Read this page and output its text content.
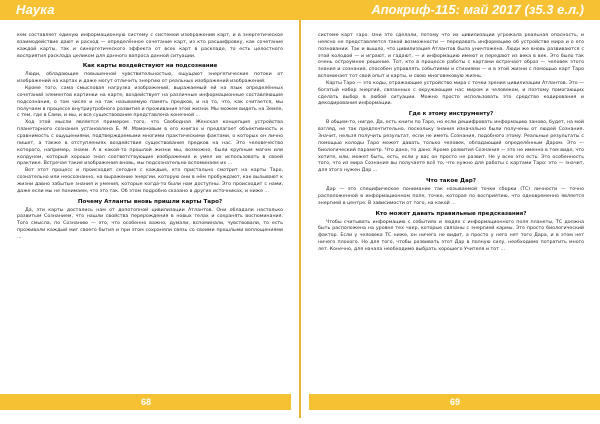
Наука	Апокриф-115: май 2017 (з5.3 е.л.)

кем составляет единую информационную систему с системой изображений карт, и в энергетическое взаимодействие дают и расход — определённое сочетание карт, из кто расшифровку, как сочетание каждой карты, так и синергетического эффекта от всех карт в раскладе, то есть целостного восприятия расклада целиком для данного вопроса данной ситуации.

Как карты воздействуют на подсознание

Люди, обладающие повышенной чувствительностью, ощущают энергетические потоки от изображений на картах и даже могут отличить энергию от реальных изображений изображений.

Кроме того, сама смысловая нагрузка изображений, выражаемый ей на язык определённых сочетаний элементов картинки на карте, воздействует на различные информационные составляющие подсознания, о том числе и на так называемую память предков, и на то, что, как считается, мы получаем в процессе внутриутробного развития и проживания этой жизни. Мы можем видеть на Земле, с тем, где в Сами, и мы, и вся существование представлена конечной ...

Ход этой мысли является примером того, что Свободная Женская концепция устройства планетарного сознания установлена Б. М. Мамоновым в его книгах и предлагает объективность и сравнимость с ощущениями, подтверждаемыми многими практическими фактами, о которых он лично пишет, а также в отступлениях воздействия существования предков на нас. Это человечество которого, например, знаем. А в какой-то прошлой жизни мы, возможно, были крупным магом или колдуном, который хорошо знал соответствующие изображения и умел их использовать в своей практике. Встречая такие изображения вновь, мы подсознательно вспоминаем их ...

Вот этот процесс и происходит сегодня с каждым, кто пристально смотрит на карты Таро, сознательно или неосознанно, на выражение энергии, которую они в нём пробуждают, как вызывают к жизни давно забытые знания и умения, которые когда-то были нам доступны. Это происходит с нами, даже если мы не понимаем, что это так. Об этом подробно сказано в других источниках, и ниже ...

Почему Атланты вновь пришли карты Таро?

Да, эти карты достались нам от допотопной цивилизации Атлантов. Они обладали настолько развитым Сознанием, что нашли свойства перерождения в новых телах и сохранять воспоминания. Того смысла, по Сознанию — это, что особенно важно, думали, вспоминали, чувствовали, то есть проживали каждый миг своего бытия и при этом сохраняли связь со своими прошлыми воплощениями ...

системе карт Таро. Они это сделали, потому что их цивилизации угрожала реальная опасность, и неясно не представляется такой возможности — передавать информацию об устройстве мира и о его познавании. Так и вышло, что цивилизация Атлантов была уничтожена. Люди же вновь развиваются с этой колодой — и играют, и гадают, — и информацию имеют и передают из века в век. Это было так очень остроумное решение. Тот, кто в процессе работы с картами встречает образ — человек этого знания и сознания, способен управлять событиями и стихиями — и в этой жизни с помощью карт Таро вспоминает тот свой опыт и карты, и свою многовековую жизнь.

Карты Таро — это коды, отражающие устройство мира с точки зрения цивилизации Атлантов. Это — богатый набор энергий, связанных с окружающим нас миром и человеком, и поэтому помогающих сделать выбор в любой ситуации. Можно просто использовать это средство кодирования и декодирования информации.

Где к этому инструменту?

В общем-то, нигде. Да, есть книги по Таро, но если дешифровать информацию заново, будет, на мой взгляд, не так предпочтительно, поскольку знания изначально были получены от людей Сознания. Значит, нельзя получить результат, если не иметь Сознания, подобного этому. Реальные результаты с помощью колоды Таро может давать только человек, обладающий определённым Даром. Это — биологический параметр. Что дано, то дано. Кроме развития Сознания — это не именно в том виде, что хотите, или, может быть, есть, если у вас он просто не развит. Не у всех это есть. Это особенность того, что из мира Сознания вы получаете всё то, что нужно для работы с картами Таро: это — значит, для этого нужен Дар ...

Что такое Дар?

Дар — это специфическое понимание так называемой точки сборки (ТС) личности — точно расположенной в информационном поле, точке, которая по восприятию, что одновременно является энергией в центре. В зависимости от того, на какой ...

Кто может давать правильные предсказания?

Чтобы считывать информацию с событиях и людях с информационного поля планеты, ТС должна быть расположена на уровне тех чакр, которые связаны с энергией кармы. Это просто биологический фактор. Если у человека ТС ниже, он ничего не видит, а просто у него нет того Дара, и в этом нет ничего плохого. Но для того, чтобы развивать этот Дар в полную силу, необходимо потратить много лет. Конечно, для начала необходимо выбрать хорошего Учителя и тот ...

68	69
